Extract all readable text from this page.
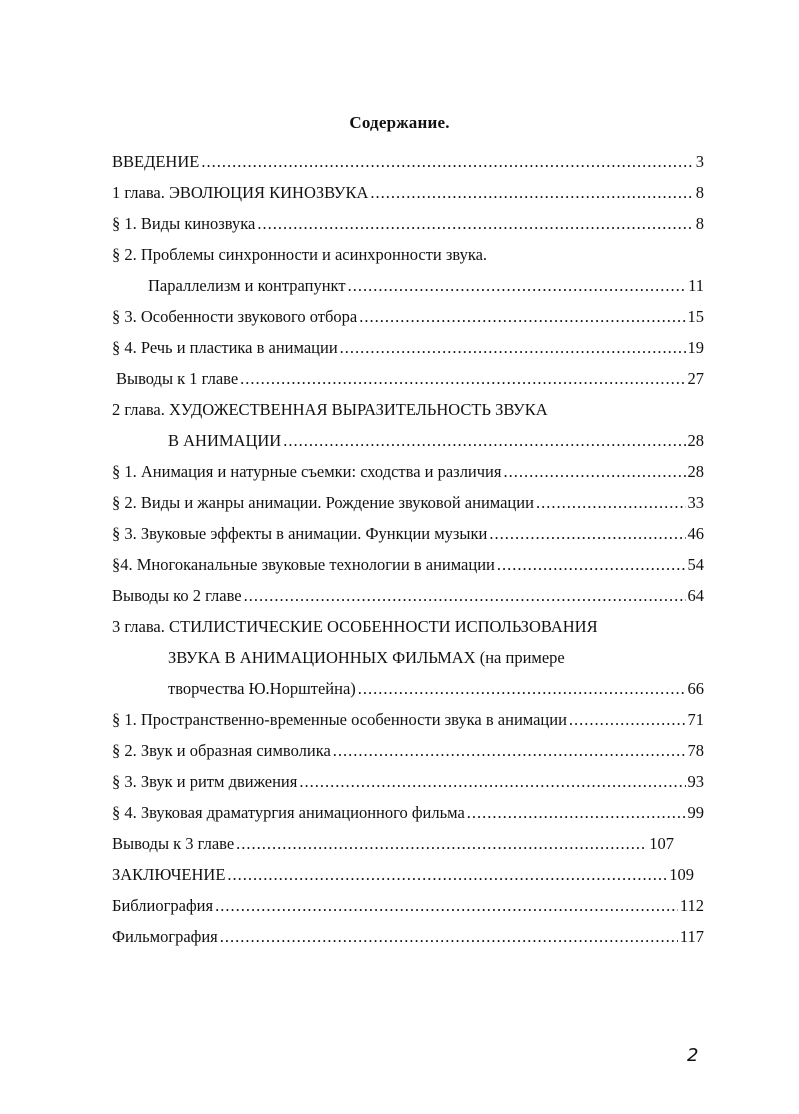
Содержание.
ВВЕДЕНИЕ .....	3
1 глава. ЭВОЛЮЦИЯ КИНОЗВУКА .....	8
§ 1. Виды кинозвука .....	8
§ 2. Проблемы синхронности и асинхронности звука.
Параллелизм и контрапункт .....	11
§ 3. Особенности звукового отбора .....	15
§ 4. Речь и пластика в анимации .....	19
Выводы к 1 главе .....	27
2 глава. ХУДОЖЕСТВЕННАЯ ВЫРАЗИТЕЛЬНОСТЬ ЗВУКА
В АНИМАЦИИ .....	28
§ 1. Анимация и натурные съемки: сходства и различия .....	28
§ 2. Виды и жанры анимации. Рождение звуковой анимации .....	33
§ 3. Звуковые эффекты в анимации. Функции музыки .....	46
§4. Многоканальные звуковые технологии в анимации .....	54
Выводы ко 2 главе .....	64
3 глава. СТИЛИСТИЧЕСКИЕ ОСОБЕННОСТИ ИСПОЛЬЗОВАНИЯ
ЗВУКА В АНИМАЦИОННЫХ ФИЛЬМАХ (на примере
творчества Ю.Норштейна) .....	66
§ 1. Пространственно-временные особенности звука в анимации .....	71
§ 2. Звук и образная символика .....	78
§ 3. Звук и ритм движения .....	93
§ 4. Звуковая драматургия анимационного фильма .....	99
Выводы к 3 главе .....	107
ЗАКЛЮЧЕНИЕ .....	109
Библиография .....	112
Фильмография .....	117
2
